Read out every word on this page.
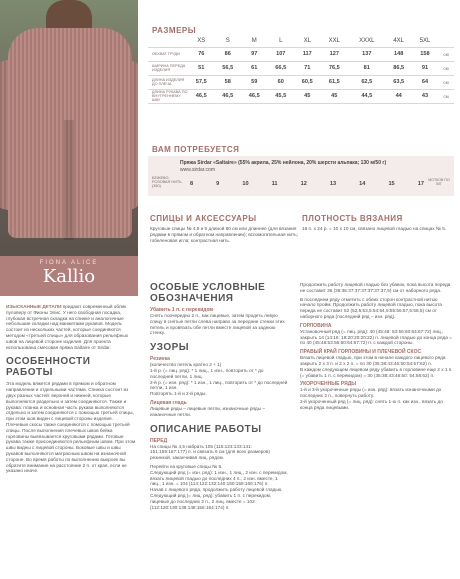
FIONA ALICE
Kallio
РАЗМЕРЫ
	XS	S	M	L	XL	XXL	XXXL	4XL	5XL	
ОБХВАТ ГРУДИ	76	86	97	107	117	127	137	148	158	см
ШИРИНА ПЕРЕДА ИЗДЕЛИЯ	51	56,5	61	66,5	71	76,5	81	86,5	91	см
ДЛИНА ИЗДЕЛИЯ ДО ПЛЕЧА	57,5	58	59	60	60,5	61,5	62,5	63,5	64	см
ДЛИНА РУКАВА ПО ВНУТРЕННЕМУ ШВУ	46,5	46,5	46,5	45,5	45	45	44,5	44	43	см
ВАМ ПОТРЕБУЕТСЯ
Пряжа Sirdar «Saltaire» (55% акрила, 25% нейлона, 20% шерсти альпака; 130 м/50 г)
www.sirdar.com
БЕЖЕВО-РОЗОВАЯ НИТЬ (360)	8	9	10	11	12	13	14	15	17
МОТКОВ ПО 50Г
СПИЦЫ И АКСЕССУАРЫ
Круговые спицы № 4,5 и 5 длиной 80 см или длиннее (для вязания рядами в прямом и обратном направлении); вспомогательная нить; гобеленовая игла; контрастная нить.
ПЛОТНОСТЬ ВЯЗАНИЯ
18 п. х 24 р. = 10 х 10 см, связано лицевой гладью на спицах № 5.
ИЗЫСКАННЫЕ ДЕТАЛИ придают современный облик пуловеру от Фионы Элис. У него свободная посадка, глубокая встречная складка на спинке и аналогичные небольшие складки над манжетами рукавов. Модель состоит из нескольких частей, которые соединяются методом «третьей спицы» для образования рельефных швов на лицевой стороне изделия. Для проекта использована смесовая пряжа Saltaire от Sirdar.
ОСОБЕННОСТИ РАБОТЫ
Эта модель вяжется рядами в прямом и обратном направлении и отдельными частями. Спинка состоит из двух разных частей: верхней и нижней, которые выполняются раздельно и затем соединяются. Также и рукава: планка и основная часть рукава выполняются отдельно и затем соединяются с помощью третьей спицы, при этом шов виден с лицевой стороны изделия. Плечевые скосы также соединяются с помощью третьей спицы. После выполнения плечевых швов бейка горловины вывязывается круговыми рядами. Готовые рукава также присоединяются рельефным швом. При этом швы видны с лицевой стороны. Боковые швы и швы рукавов выполняются матрасным швом на изнаночной стороне. Во время работы по выполнению выкроек вы обратите внимание на расстояние 2 п. от края, если не указано иначе.
ОСОБЫЕ УСЛОВНЫЕ ОБОЗНАЧЕНИЯ
Убавить 1 п. с перекидом
Снять поочередно 2 п., как лицевые, затем продеть левую спицу в снятые петли слева направо за передние стенки этих петель и провязать обе петли вместе лицевой за заднюю стенку.
УЗОРЫ
Резинка
(количество петель кратно 2 + 1)
1-й р. (= лиц. ряд): * 1 лиц., 1 изн., повторить от * до последней петли, 1 лиц.
2-й р. (= изн. ряд): * 1 изн., 1 лиц., повторить от * до последней петли, 1 изн.
Повторять 1-й и 2-й ряды.
Лицевая гладь
Лицевые ряды – лицевые петли, изнаночные ряды – изнаночные петли.
ОПИСАНИЕ РАБОТЫ
ПЕРЕД
На спицы № 4,5 набрать 105 (115:123:133:141: 151:159:167:177) п. и связать 6 см (для всех размеров) резинкой, заканчивая лиц. рядом.
Перейти на круговые спицы № 5.
Следующий ряд (= изн. ряд): 1 изн., 1 лиц., 2 изн. с перекидом, вязать лицевой гладью до последних 4 п., 2 изн. вместе, 1 лиц., 1 изн. = 104 (114:122:132:140:150:158:166:176) п.
Начав с лицевого ряда, продолжить работу лицевой гладью. Следующий ряд (= лиц. ряд): убавить 1 п. с перекидом, лицевые до последних 2 п., 2 лиц. вместе = 102 (112:120:130:138:148:156:164:174) п.
Продолжить работу лицевой гладью без убавок, пока высота переда не составит 36 (36:36:37:37:37:37:37:37,5) см от наборного ряда.
В последнем ряду отметить с обеих сторон контрастной нитью начало пройм. Продолжить работу лицевой гладью, пока высота переда не составит 52 (52,5:53,5:54:54,5:55:56:57,5:58,5) см от наборного ряда (последний ряд – изн. ряд).
ГОРЛОВИНА
Установочный ряд (= лиц. ряд): 40 (45:48: 53:56:60:64:67:72) лиц., закрыть 14 (14:16: 18:20:20:20:22) п. лицевой гладью до конца ряда = по 40 (45:48:53:56:60:64:67:72) п. с каждой стороны.
ПРАВЫЙ КРАЙ ГОРЛОВИНЫ И ПЛЕЧЕВОЙ СКОС
Вязать лицевой гладью, при этом в начале каждого лицевого ряда закрыть 2 х 3 п. и 2 х 2 п. = по 30 (35:38:43:46:50:54:57:62) п.
В каждом следующем лицевом ряду убавить в горловине еще 2 х 1 п. (= убавить 1 п. с перекидом) = 30 (35:38:43:46:50: 54:58:62) п.
УКОРОЧЕННЫЕ РЯДЫ
1-й и 3-й укороченные ряды (= изн. ряд): вязать изнаночными до последних 2 п., повернуть работу.
2-й укороченный ряд (= лиц. ряд): снять 1-ю п. как изн., вязать до конца ряда лицевыми.
